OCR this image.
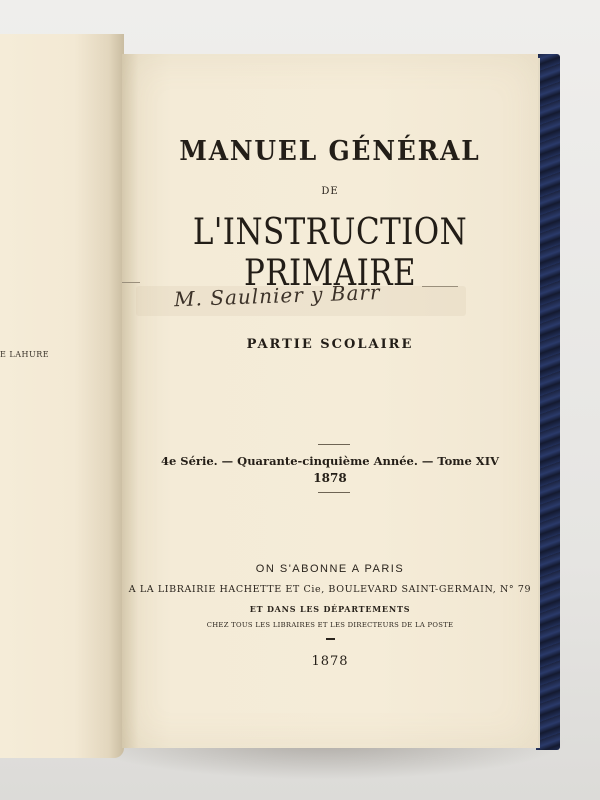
E LAHURE
MANUEL GÉNÉRAL
DE
L'INSTRUCTION PRIMAIRE
M. Saulnier y Barr
PARTIE SCOLAIRE
4e Série. — Quarante-cinquième Année. — Tome XIV
1878
ON S'ABONNE A PARIS
A LA LIBRAIRIE HACHETTE ET Cie, BOULEVARD SAINT-GERMAIN, N° 79
ET DANS LES DÉPARTEMENTS
CHEZ TOUS LES LIBRAIRES ET LES DIRECTEURS DE LA POSTE
1878
